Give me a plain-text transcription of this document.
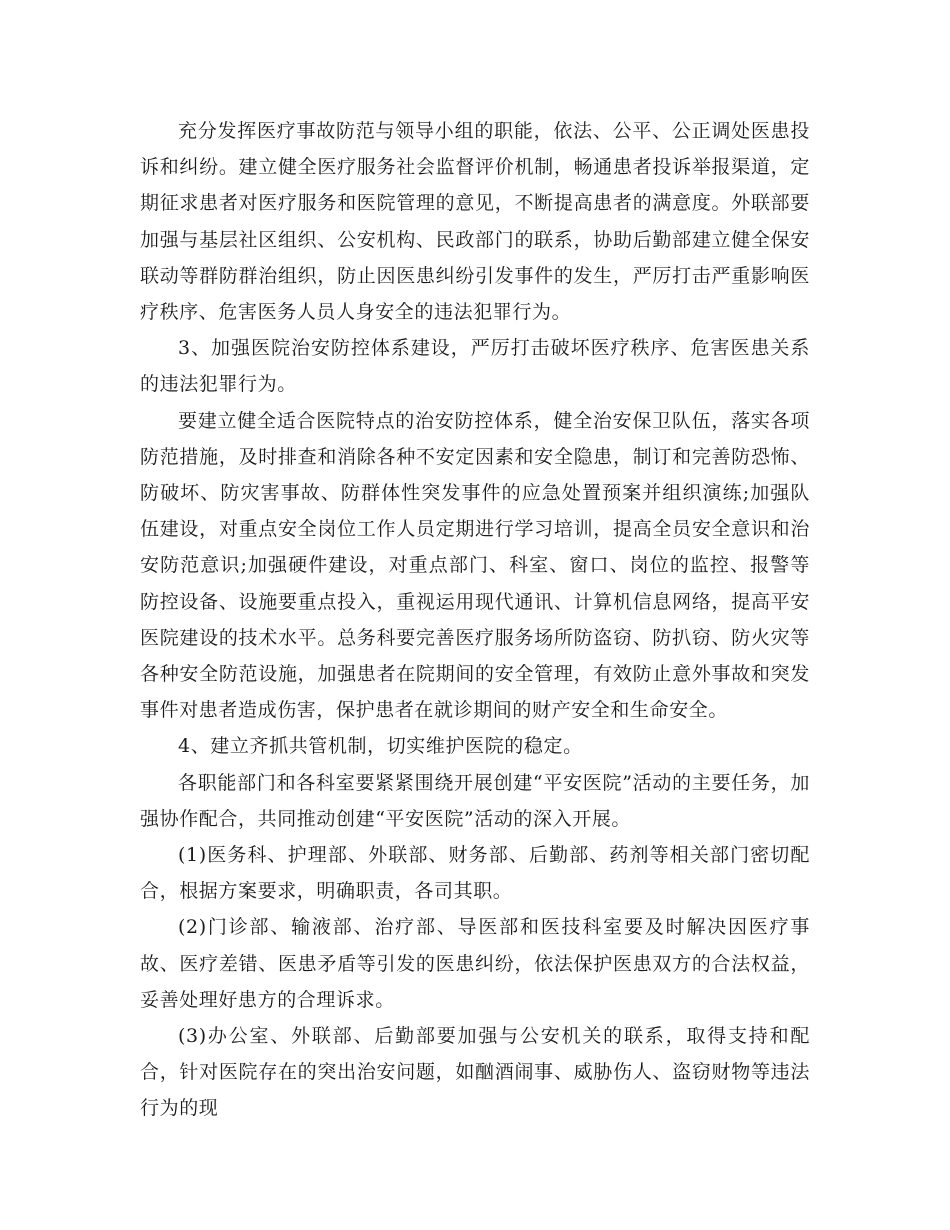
充分发挥医疗事故防范与领导小组的职能，依法、公平、公正调处医患投诉和纠纷。建立健全医疗服务社会监督评价机制，畅通患者投诉举报渠道，定期征求患者对医疗服务和医院管理的意见，不断提高患者的满意度。外联部要加强与基层社区组织、公安机构、民政部门的联系，协助后勤部建立健全保安联动等群防群治组织，防止因医患纠纷引发事件的发生，严厉打击严重影响医疗秩序、危害医务人员人身安全的违法犯罪行为。

3、加强医院治安防控体系建设，严厉打击破坏医疗秩序、危害医患关系的违法犯罪行为。

要建立健全适合医院特点的治安防控体系，健全治安保卫队伍，落实各项防范措施，及时排查和消除各种不安定因素和安全隐患，制订和完善防恐怖、防破坏、防灾害事故、防群体性突发事件的应急处置预案并组织演练;加强队伍建设，对重点安全岗位工作人员定期进行学习培训，提高全员安全意识和治安防范意识;加强硬件建设，对重点部门、科室、窗口、岗位的监控、报警等防控设备、设施要重点投入，重视运用现代通讯、计算机信息网络，提高平安医院建设的技术水平。总务科要完善医疗服务场所防盗窃、防扒窃、防火灾等各种安全防范设施，加强患者在院期间的安全管理，有效防止意外事故和突发事件对患者造成伤害，保护患者在就诊期间的财产安全和生命安全。

4、建立齐抓共管机制，切实维护医院的稳定。

各职能部门和各科室要紧紧围绕开展创建“平安医院”活动的主要任务，加强协作配合，共同推动创建“平安医院”活动的深入开展。

(1)医务科、护理部、外联部、财务部、后勤部、药剂等相关部门密切配合，根据方案要求，明确职责，各司其职。

(2)门诊部、输液部、治疗部、导医部和医技科室要及时解决因医疗事故、医疗差错、医患矛盾等引发的医患纠纷，依法保护医患双方的合法权益，妥善处理好患方的合理诉求。

(3)办公室、外联部、后勤部要加强与公安机关的联系，取得支持和配合，针对医院存在的突出治安问题，如酗酒闹事、威胁伤人、盗窃财物等违法行为的现
